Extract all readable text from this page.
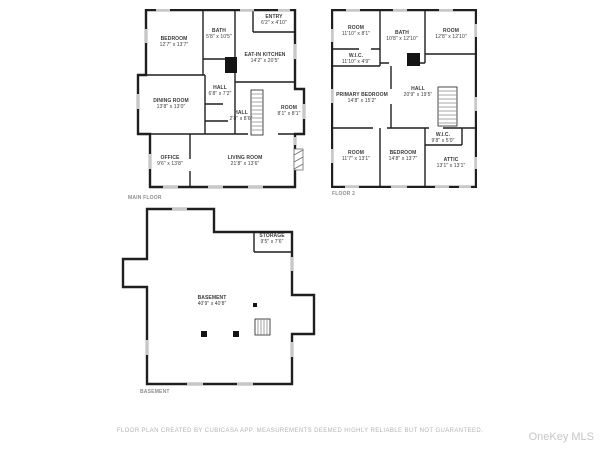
BEDROOM
12'7" x 13'7"
BATH
5'8" x 10'5"
ENTRY
6'2" x 4'10"
EAT-IN KITCHEN
14'2" x 20'5"
HALL
6'8" x 7'2"
DINING ROOM
13'8" x 13'0"
HALL
2'8" x 8'6"
ROOM
8'1" x 8'1"
OFFICE
9'6" x 13'8"
LIVING ROOM
21'8" x 13'6"
ROOM
11'10" x 8'1"
W.I.C.
11'10" x 4'9"
BATH
10'8" x 12'10"
ROOM
12'8" x 12'10"
PRIMARY BEDROOM
14'8" x 15'2"
HALL
20'9" x 19'5"
ROOM
11'7" x 13'1"
BEDROOM
14'8" x 13'7"
W.I.C.
9'8" x 5'0"
ATTIC
13'1" x 13'1"
STORAGE
9'5" x 7'6"
BASEMENT
40'9" x 40'8"
MAIN FLOOR
FLOOR 2
BASEMENT
FLOOR PLAN CREATED BY CUBICASA APP. MEASUREMENTS DEEMED HIGHLY RELIABLE BUT NOT GUARANTEED.	OneKey MLS
